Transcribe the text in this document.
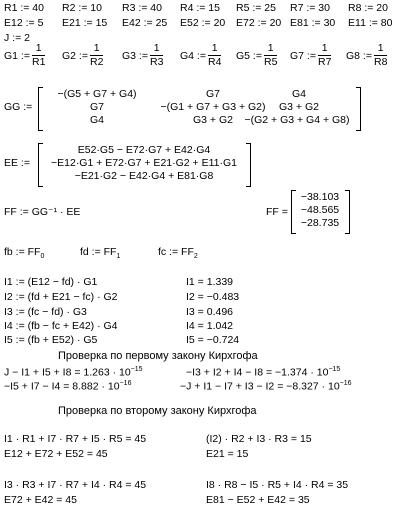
R1 := 40 R2 := 10 R3 := 40 R4 := 15 R5 := 25 R7 := 30 R8 := 20
E12 := 5 E21 := 15 E42 := 25 E52 := 20 E72 := 20 E81 := 30 E11 := 80
J := 2
G1 := $\frac{1}{R1} G2$ := $\frac{1}{R2} G3$ := $\frac{1}{R3} G4$ := $\frac{1}{R4} G5$ := $\frac{1}{R5} G7$ := $\frac{1}{R7} G8$ := $\frac{1}{R8}$
GG :=
−(G5 + G7 + G4)	G7	G4
G7	−(G1 + G7 + G3 + G2)	G3 + G2
G4	G3 + G2	−(G2 + G3 + G4 + G8)
EE :=
E52·G5 − E72·G7 + E42·G4
−E12·G1 + E72·G7 + E21·G2 + E11·G1
−E21·G2 − E42·G4 + E81·G8
FF := GG⁻¹ · EE	FF =
−38.103
−48.565
−28.735
fb := $FF_0$	fd := $FF_1$	fc := $FF_2$
I1 := (E12 − fd) · G1
I2 := (fd + E21 − fc) · G2
I3 := (fc − fd) · G3
I4 := (fb − fc + E42) · G4
I5 := (fb + E52) · G5
I1 = 1.339
I2 = −0.483
I3 = 0.496
I4 = 1.042
I5 = −0.724
Проверка по первому закону Кирхгофа
$J - I1 + I5 + I8 = 1.263 \cdot 10^{-15}$	$-I3 + I2 + I4 - I8 = -1.374 \cdot 10^{-15}$
$-I5 + I7 - I4 = 8.882 \cdot 10^{-16}$	$-J + I1 - I7 + I3 - I2 = -8.327 \cdot 10^{-16}$
Проверка по второму закону Кирхгофа
I1 · R1 + I7 · R7 + I5 · R5 = 45	(I2) · R2 + I3 · R3 = 15
E12 + E72 + E52 = 45	E21 = 15
I3 · R3 + I7 · R7 + I4 · R4 = 45	I8 · R8 − I5 · R5 + I4 · R4 = 35
E72 + E42 = 45	E81 − E52 + E42 = 35
